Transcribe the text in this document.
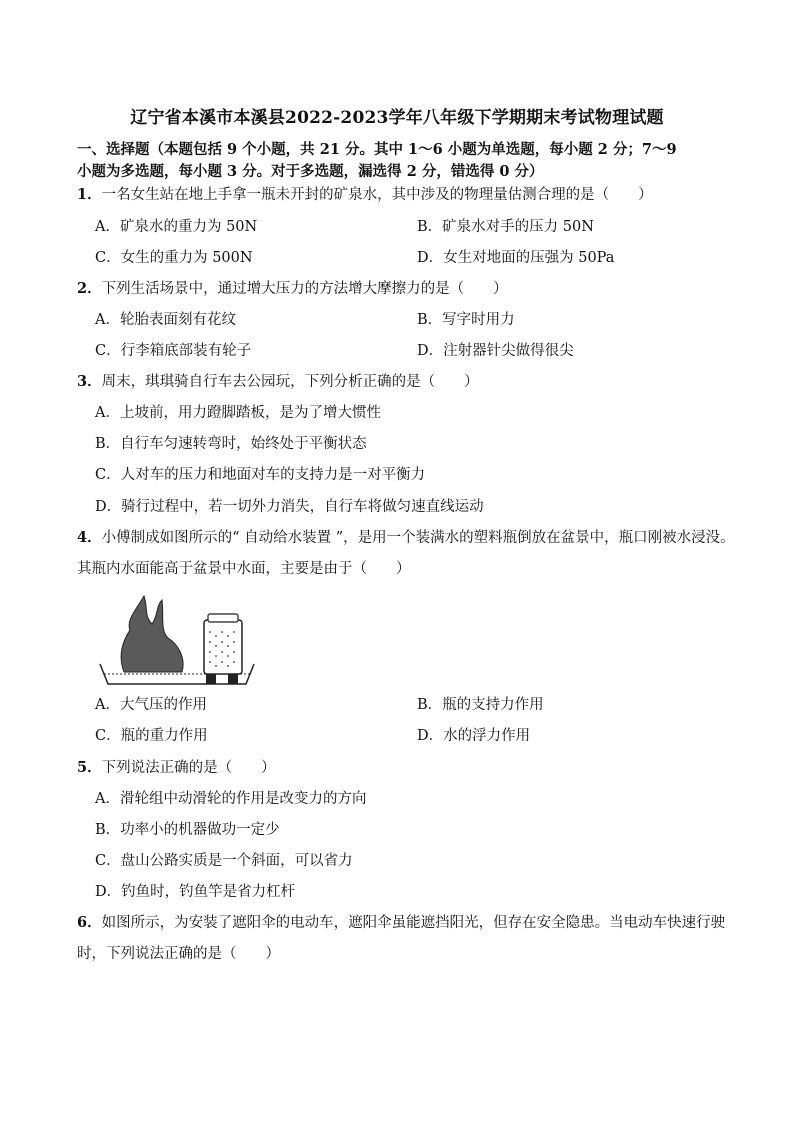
辽宁省本溪市本溪县2022-2023学年八年级下学期期末考试物理试题
一、选择题（本题包括 9 个小题，共 21 分。其中 1～6 小题为单选题，每小题 2 分；7～9
小题为多选题，每小题 3 分。对于多选题，漏选得 2 分，错选得 0 分）
1．一名女生站在地上手拿一瓶未开封的矿泉水，其中涉及的物理量估测合理的是（　　）
A．矿泉水的重力为 50N	B．矿泉水对手的压力 50N
C．女生的重力为 500N	D．女生对地面的压强为 50Pa
2．下列生活场景中，通过增大压力的方法增大摩擦力的是（　　）
A．轮胎表面刻有花纹	B．写字时用力
C．行李箱底部装有轮子	D．注射器针尖做得很尖
3．周末，琪琪骑自行车去公园玩，下列分析正确的是（　　）
A．上坡前，用力蹬脚踏板，是为了增大惯性
B．自行车匀速转弯时，始终处于平衡状态
C．人对车的压力和地面对车的支持力是一对平衡力
D．骑行过程中，若一切外力消失，自行车将做匀速直线运动
4．小傅制成如图所示的“ 自动给水装置 ”，是用一个装满水的塑料瓶倒放在盆景中，瓶口刚被水浸没。
其瓶内水面能高于盆景中水面，主要是由于（　　）
A．大气压的作用	B．瓶的支持力作用
C．瓶的重力作用	D．水的浮力作用
5．下列说法正确的是（　　）
A．滑轮组中动滑轮的作用是改变力的方向
B．功率小的机器做功一定少
C．盘山公路实质是一个斜面，可以省力
D．钓鱼时，钓鱼竿是省力杠杆
6．如图所示，为安装了遮阳伞的电动车，遮阳伞虽能遮挡阳光，但存在安全隐患。当电动车快速行驶
时，下列说法正确的是（　　）
